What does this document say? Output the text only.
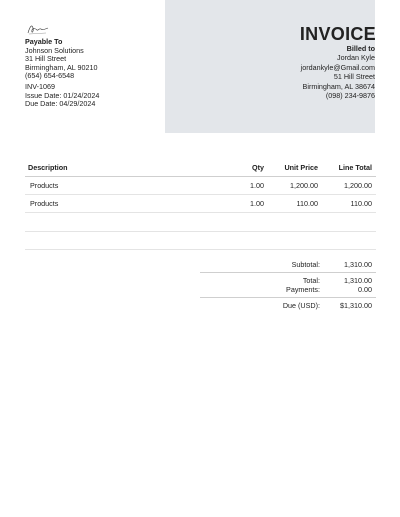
Payable To
Johnson Solutions
31 Hill Street
Birmingham, AL 90210
(654) 654-6548
INV-1069
Issue Date: 01/24/2024
Due Date: 04/29/2024
INVOICE
Billed to
Jordan Kyle
jordankyle@Gmail.com
51 Hill Street
Birmingham, AL 38674
(098) 234-9876
Description	Qty	Unit Price	Line Total
Products	1.00	1,200.00	1,200.00
Products	1.00	110.00	110.00
Subtotal:	1,310.00
Total:	1,310.00
Payments:	0.00
Due (USD):	$1,310.00
